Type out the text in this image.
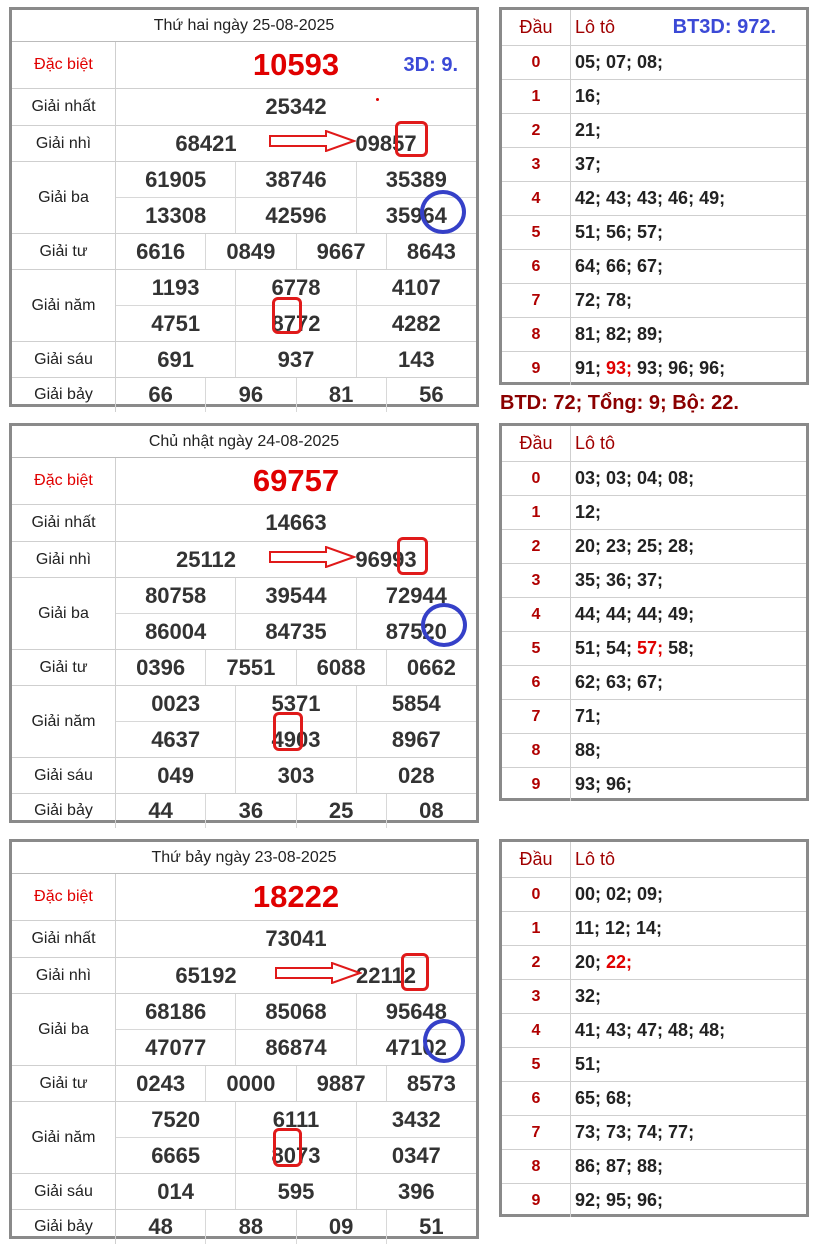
Thứ hai ngày 25-08-2025
Đặc biệt	10593	3D: 9.
Giải nhất	25342
Giải nhì	68421	09857
Giải ba
61905	38746	35389
13308	42596	35964
Giải tư	6616	0849	9667	8643
Giải năm
1193	6778	4107
4751	8772	4282
Giải sáu	691	937	143
Giải bảy	66	96	81	56
Đầu	Lô tô	BT3D: 972.
0	05; 07; 08;
1	16;
2	21;
3	37;
4	42; 43; 43; 46; 49;
5	51; 56; 57;
6	64; 66; 67;
7	72; 78;
8	81; 82; 89;
9	91; 93; 93; 96; 96;
BTD: 72; Tổng: 9; Bộ: 22.
Chủ nhật ngày 24-08-2025
Đặc biệt	69757
Giải nhất	14663
Giải nhì	25112	96993
Giải ba
80758	39544	72944
86004	84735	87520
Giải tư	0396	7551	6088	0662
Giải năm
0023	5371	5854
4637	4903	8967
Giải sáu	049	303	028
Giải bảy	44	36	25	08
Đầu	Lô tô
0	03; 03; 04; 08;
1	12;
2	20; 23; 25; 28;
3	35; 36; 37;
4	44; 44; 44; 49;
5	51; 54; 57; 58;
6	62; 63; 67;
7	71;
8	88;
9	93; 96;
Thứ bảy ngày 23-08-2025
Đặc biệt	18222
Giải nhất	73041
Giải nhì	65192	22112
Giải ba
68186	85068	95648
47077	86874	47102
Giải tư	0243	0000	9887	8573
Giải năm
7520	6111	3432
6665	8073	0347
Giải sáu	014	595	396
Giải bảy	48	88	09	51
Đầu	Lô tô
0	00; 02; 09;
1	11; 12; 14;
2	20; 22;
3	32;
4	41; 43; 47; 48; 48;
5	51;
6	65; 68;
7	73; 73; 74; 77;
8	86; 87; 88;
9	92; 95; 96;
